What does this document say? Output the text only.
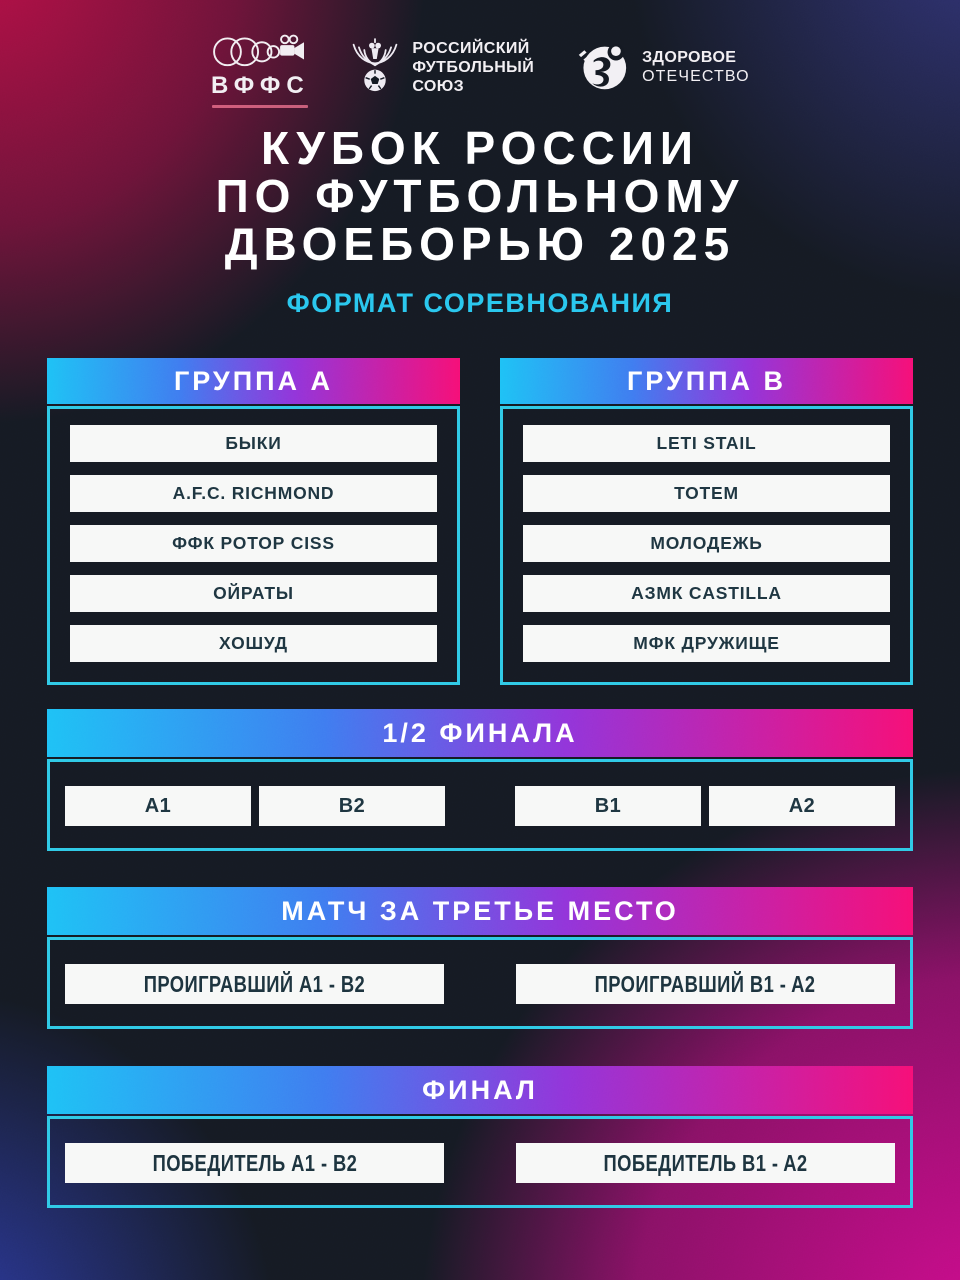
ВФФС
РОССИЙСКИЙ
ФУТБОЛЬНЫЙ
СОЮЗ
ЗДОРОВОЕ
ОТЕЧЕСТВО
КУБОК РОССИИ
ПО ФУТБОЛЬНОМУ
ДВОЕБОРЬЮ 2025
ФОРМАТ СОРЕВНОВАНИЯ
ГРУППА A
БЫКИ
A.F.C. RICHMOND
ФФК РОТОР CISS
ОЙРАТЫ
ХОШУД
ГРУППА B
LETI STAIL
ТОТЕМ
МОЛОДЕЖЬ
АЗМК CASTILLA
МФК ДРУЖИЩЕ
1/2 ФИНАЛА
A1	B2	B1	A2
МАТЧ ЗА ТРЕТЬЕ МЕСТО
ПРОИГРАВШИЙ A1 - B2	ПРОИГРАВШИЙ B1 - A2
ФИНАЛ
ПОБЕДИТЕЛЬ A1 - B2	ПОБЕДИТЕЛЬ B1 - A2
